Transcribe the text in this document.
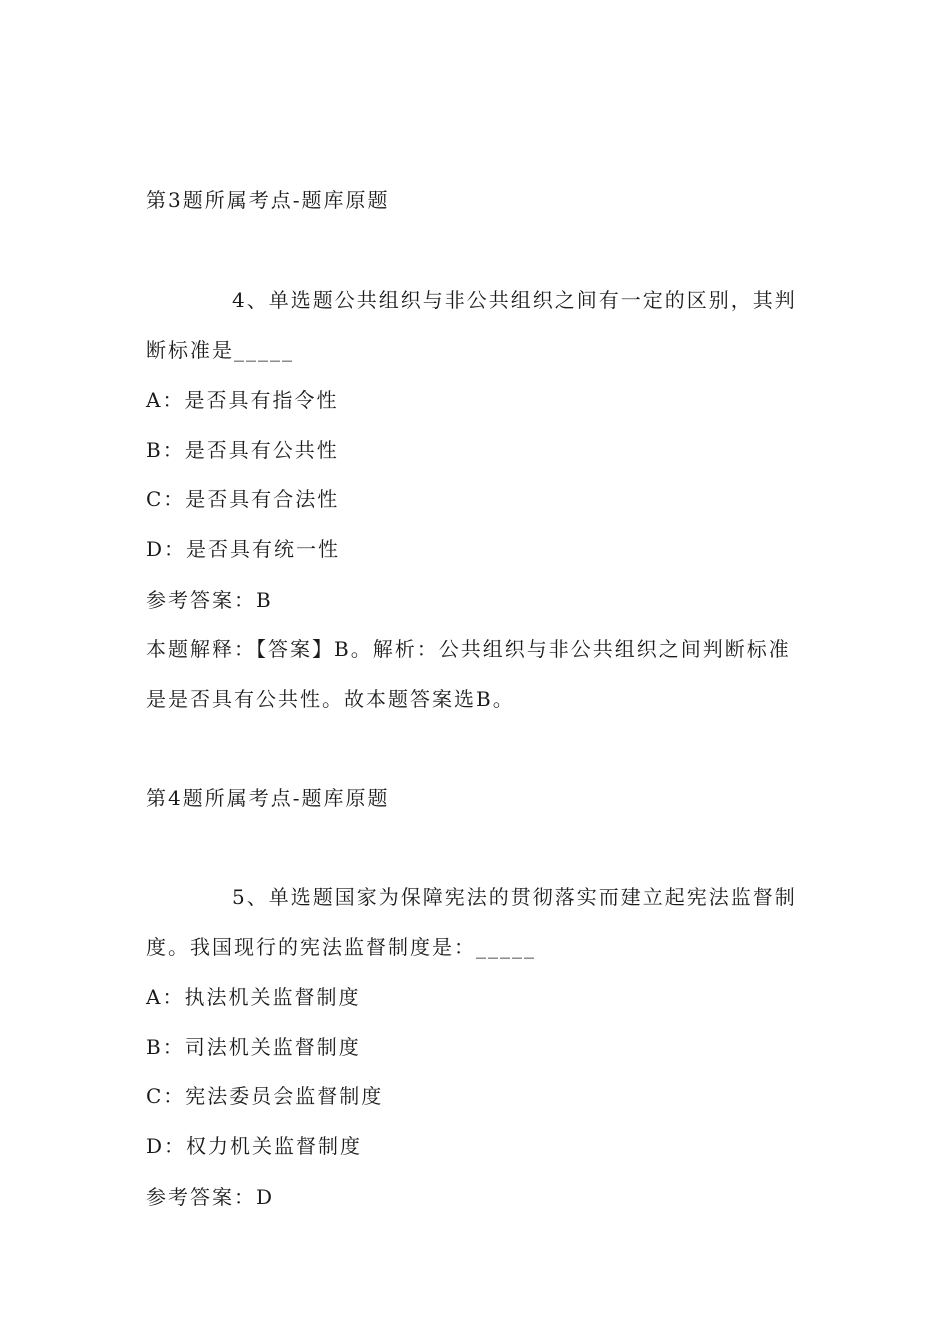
第3题所属考点-题库原题
4、单选题公共组织与非公共组织之间有一定的区别，其判
断标准是_____
A：是否具有指令性
B：是否具有公共性
C：是否具有合法性
D：是否具有统一性
参考答案：B
本题解释：【答案】B。解析：公共组织与非公共组织之间判断标准
是是否具有公共性。故本题答案选B。
第4题所属考点-题库原题
5、单选题国家为保障宪法的贯彻落实而建立起宪法监督制
度。我国现行的宪法监督制度是：_____
A：执法机关监督制度
B：司法机关监督制度
C：宪法委员会监督制度
D：权力机关监督制度
参考答案：D
